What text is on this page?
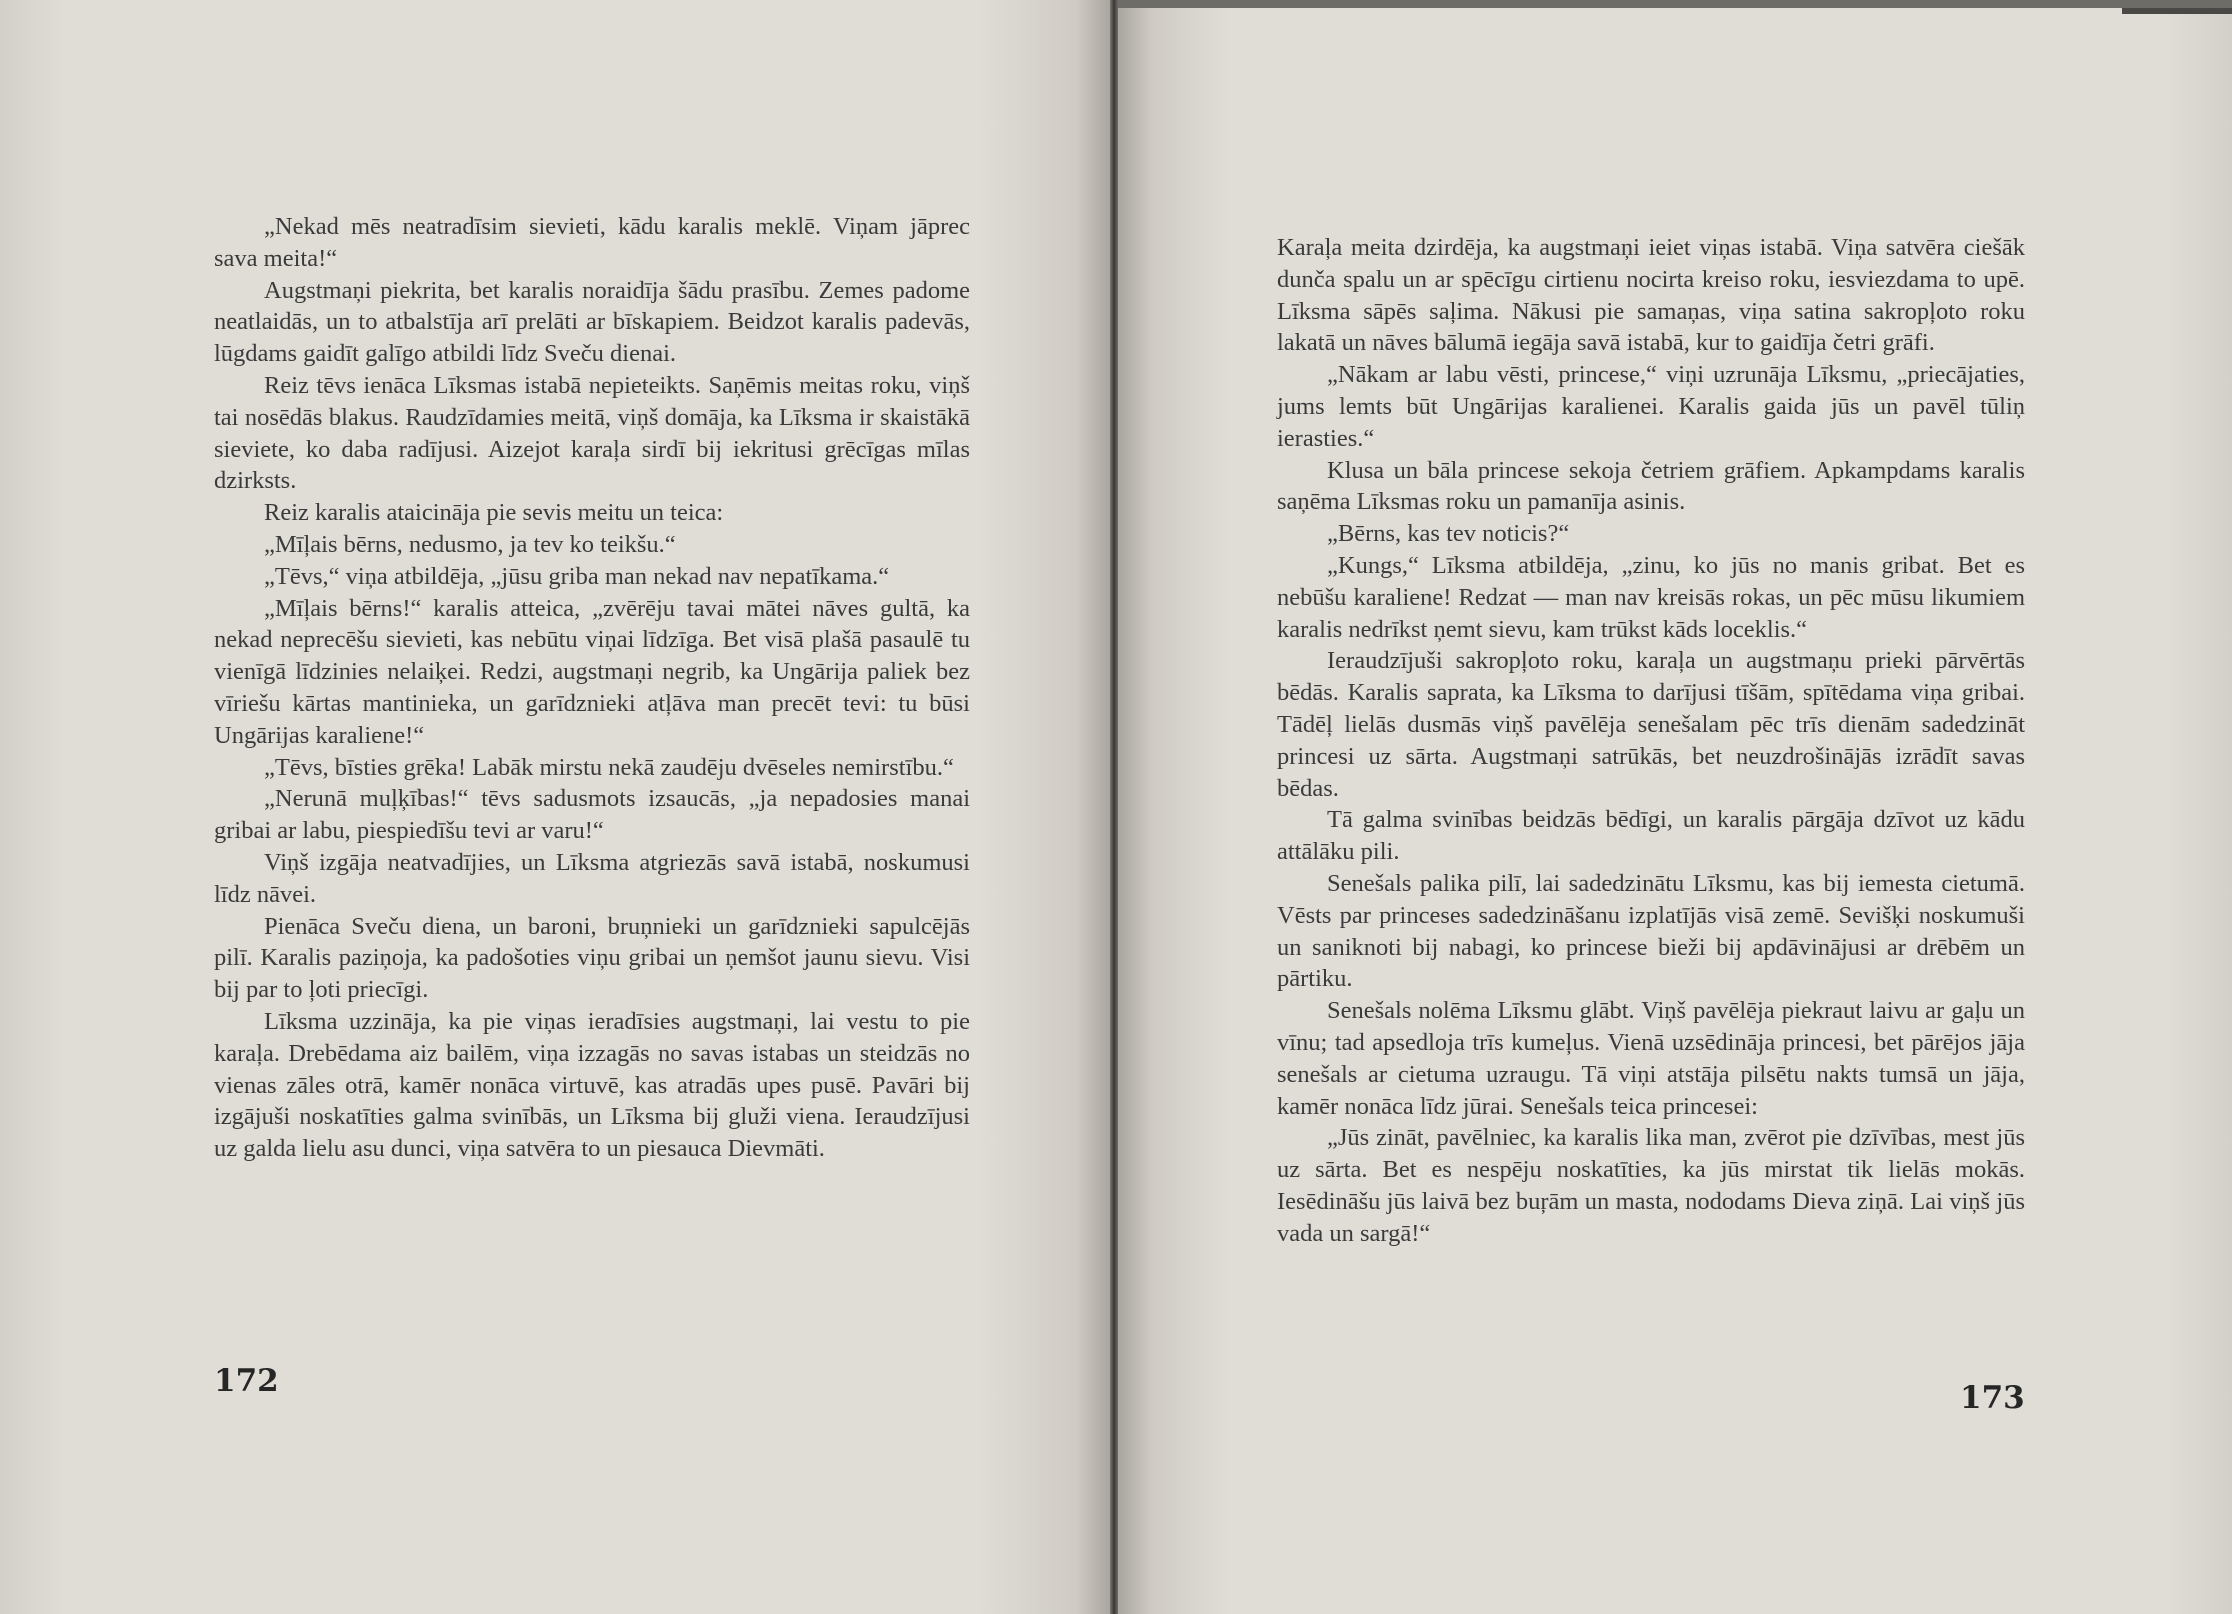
„Nekad mēs neatradīsim sievieti, kādu karalis meklē. Viņam jāprec sava meita!“

Augstmaņi piekrita, bet karalis noraidīja šādu prasību. Zemes padome neatlaidās, un to atbalstīja arī prelāti ar bīskapiem. Beidzot karalis padevās, lūgdams gaidīt galīgo atbildi līdz Sveču dienai.

Reiz tēvs ienāca Līksmas istabā nepieteikts. Saņēmis meitas roku, viņš tai nosēdās blakus. Raudzīdamies meitā, viņš domāja, ka Līksma ir skaistākā sieviete, ko daba radījusi. Aizejot karaļa sirdī bij iekritusi grēcīgas mīlas dzirksts.

Reiz karalis ataicināja pie sevis meitu un teica:

„Mīļais bērns, nedusmo, ja tev ko teikšu.“

„Tēvs,“ viņa atbildēja, „jūsu griba man nekad nav nepatīkama.“

„Mīļais bērns!“ karalis atteica, „zvērēju tavai mātei nāves gultā, ka nekad neprecēšu sievieti, kas nebūtu viņai līdzīga. Bet visā plašā pasaulē tu vienīgā līdzinies nelaiķei. Redzi, augstmaņi negrib, ka Ungārija paliek bez vīriešu kārtas mantinieka, un garīdznieki atļāva man precēt tevi: tu būsi Ungārijas karaliene!“

„Tēvs, bīsties grēka! Labāk mirstu nekā zaudēju dvēseles nemirstību.“

„Nerunā muļķības!“ tēvs sadusmots izsaucās, „ja nepadosies manai gribai ar labu, piespiedīšu tevi ar varu!“

Viņš izgāja neatvadījies, un Līksma atgriezās savā istabā, noskumusi līdz nāvei.

Pienāca Sveču diena, un baroni, bruņnieki un garīdznieki sapulcējās pilī. Karalis paziņoja, ka padošoties viņu gribai un ņemšot jaunu sievu. Visi bij par to ļoti priecīgi.

Līksma uzzināja, ka pie viņas ieradīsies augstmaņi, lai vestu to pie karaļa. Drebēdama aiz bailēm, viņa izzagās no savas istabas un steidzās no vienas zāles otrā, kamēr nonāca virtuvē, kas atradās upes pusē. Pavāri bij izgājuši noskatīties galma svinībās, un Līksma bij gluži viena. Ieraudzījusi uz galda lielu asu dunci, viņa satvēra to un piesauca Dievmāti.

172

Karaļa meita dzirdēja, ka augstmaņi ieiet viņas istabā. Viņa satvēra ciešāk dunča spalu un ar spēcīgu cirtienu nocirta kreiso roku, iesviezdama to upē. Līksma sāpēs saļima. Nākusi pie samaņas, viņa satina sakropļoto roku lakatā un nāves bālumā iegāja savā istabā, kur to gaidīja četri grāfi.

„Nākam ar labu vēsti, princese,“ viņi uzrunāja Līksmu, „priecājaties, jums lemts būt Ungārijas karalienei. Karalis gaida jūs un pavēl tūliņ ierasties.“

Klusa un bāla princese sekoja četriem grāfiem. Apkampdams karalis saņēma Līksmas roku un pamanīja asinis.

„Bērns, kas tev noticis?“

„Kungs,“ Līksma atbildēja, „zinu, ko jūs no manis gribat. Bet es nebūšu karaliene! Redzat — man nav kreisās rokas, un pēc mūsu likumiem karalis nedrīkst ņemt sievu, kam trūkst kāds loceklis.“

Ieraudzījuši sakropļoto roku, karaļa un augstmaņu prieki pārvērtās bēdās. Karalis saprata, ka Līksma to darījusi tīšām, spītēdama viņa gribai. Tādēļ lielās dusmās viņš pavēlēja senešalam pēc trīs dienām sadedzināt princesi uz sārta. Augstmaņi satrūkās, bet neuzdrošinājās izrādīt savas bēdas.

Tā galma svinības beidzās bēdīgi, un karalis pārgāja dzīvot uz kādu attālāku pili.

Senešals palika pilī, lai sadedzinātu Līksmu, kas bij iemesta cietumā. Vēsts par princeses sadedzināšanu izplatījās visā zemē. Sevišķi noskumuši un saniknoti bij nabagi, ko princese bieži bij apdāvinājusi ar drēbēm un pārtiku.

Senešals nolēma Līksmu glābt. Viņš pavēlēja piekraut laivu ar gaļu un vīnu; tad apsedloja trīs kumeļus. Vienā uzsēdināja princesi, bet pārējos jāja senešals ar cietuma uzraugu. Tā viņi atstāja pilsētu nakts tumsā un jāja, kamēr nonāca līdz jūrai. Senešals teica princesei:

„Jūs zināt, pavēlniec, ka karalis lika man, zvērot pie dzīvības, mest jūs uz sārta. Bet es nespēju noskatīties, ka jūs mirstat tik lielās mokās. Iesēdināšu jūs laivā bez buŗām un masta, nododams Dieva ziņā. Lai viņš jūs vada un sargā!“

173
